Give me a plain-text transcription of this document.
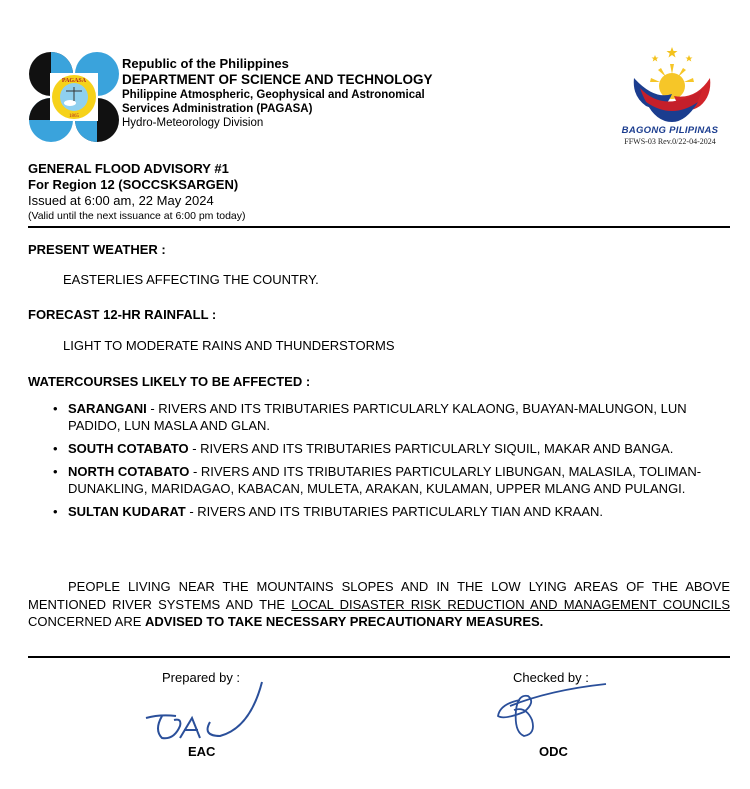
PAGASA
1865
Republic of the Philippines
DEPARTMENT OF SCIENCE AND TECHNOLOGY
Philippine Atmospheric, Geophysical and Astronomical
Services Administration (PAGASA)
Hydro-Meteorology Division
BAGONG PILIPINAS
FFWS-03 Rev.0/22-04-2024
GENERAL FLOOD ADVISORY #1
For Region 12 (SOCCSKSARGEN)
Issued at 6:00 am, 22 May 2024
(Valid until the next issuance at 6:00 pm today)
PRESENT WEATHER :
EASTERLIES AFFECTING THE COUNTRY.
FORECAST 12-HR RAINFALL :
LIGHT TO MODERATE RAINS AND THUNDERSTORMS
WATERCOURSES LIKELY TO BE AFFECTED :
• SARANGANI - RIVERS AND ITS TRIBUTARIES PARTICULARLY KALAONG, BUAYAN-MALUNGON, LUN PADIDO, LUN MASLA AND GLAN.
• SOUTH COTABATO - RIVERS AND ITS TRIBUTARIES PARTICULARLY SIQUIL, MAKAR AND BANGA.
• NORTH COTABATO - RIVERS AND ITS TRIBUTARIES PARTICULARLY LIBUNGAN, MALASILA, TOLIMAN-DUNAKLING, MARIDAGAO, KABACAN, MULETA, ARAKAN, KULAMAN, UPPER MLANG AND PULANGI.
• SULTAN KUDARAT - RIVERS AND ITS TRIBUTARIES PARTICULARLY TIAN AND KRAAN.
PEOPLE LIVING NEAR THE MOUNTAINS SLOPES AND IN THE LOW LYING AREAS OF THE ABOVE MENTIONED RIVER SYSTEMS AND THE LOCAL DISASTER RISK REDUCTION AND MANAGEMENT COUNCILS CONCERNED ARE ADVISED TO TAKE NECESSARY PRECAUTIONARY MEASURES.
Prepared by :
EAC
Checked by :
ODC
